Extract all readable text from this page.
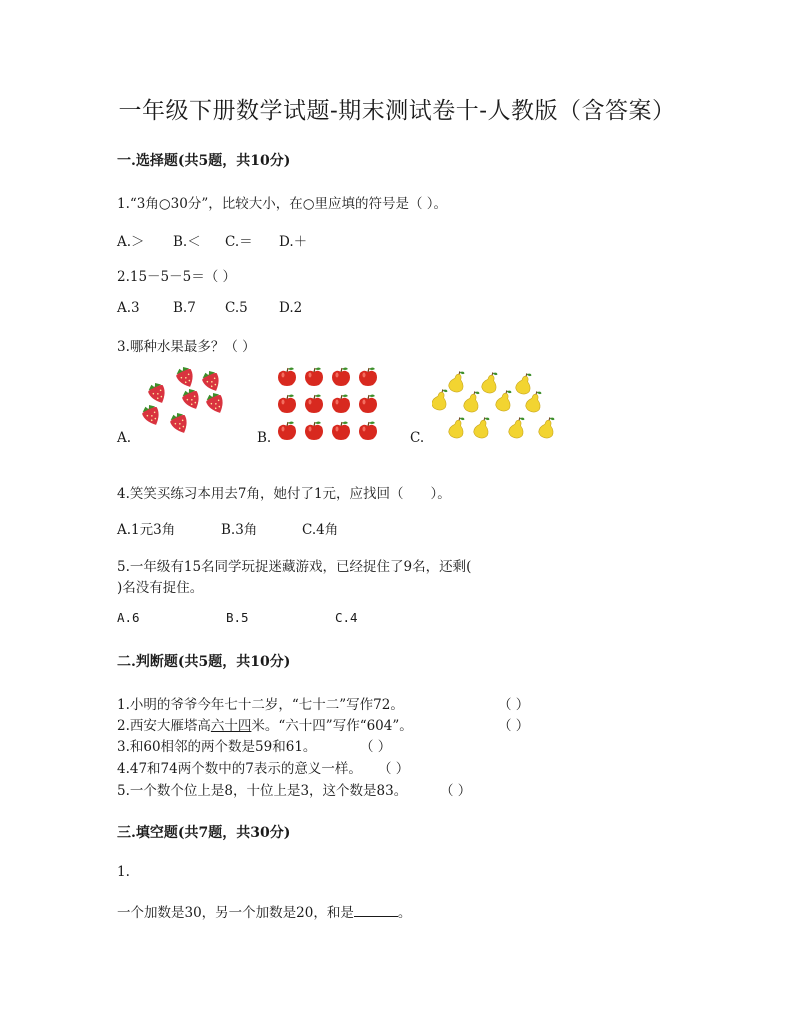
一年级下册数学试题-期末测试卷十-人教版（含答案）
一.选择题(共5题，共10分)
1.“3角○30分”，比较大小，在○里应填的符号是（ ）。
A.＞ B.＜ C.＝ D.＋
2.15－5－5＝（ ）
A.3 B.7 C.5 D.2
3.哪种水果最多？（ ）
A.	B.	C.
4.笑笑买练习本用去7角，她付了1元，应找回（　　）。
A.1元3角	B.3角	C.4角
5.一年级有15名同学玩捉迷藏游戏，已经捉住了9名，还剩(
)名没有捉住。
A.6	B.5	C.4
二.判断题(共5题，共10分)
1.小明的爷爷今年七十二岁，“七十二”写作72。	（ ）
2.西安大雁塔高六十四米。“六十四”写作“604”。	（ ）
3.和60相邻的两个数是59和61。	（ ）
4.47和74两个数中的7表示的意义一样。 （ ）
5.一个数个位上是8，十位上是3，这个数是83。 （ ）
三.填空题(共7题，共30分)
1.
一个加数是30，另一个加数是20，和是	。
